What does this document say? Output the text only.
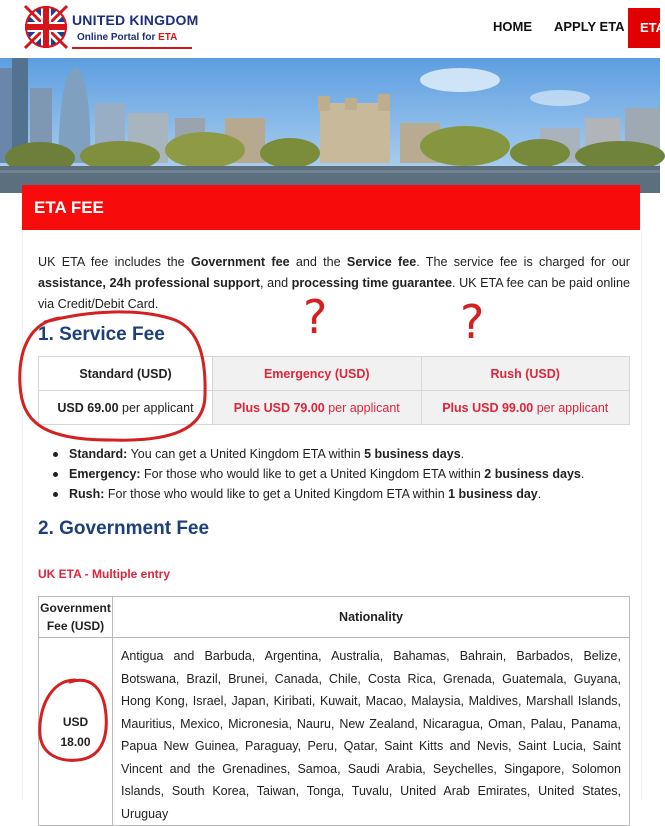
UNITED KINGDOM
Online Portal for ETA
HOME APPLY ETA	ETA
ETA FEE
UK ETA fee includes the Government fee and the Service fee. The service fee is charged for our assistance, 24h professional support, and processing time guarantee. UK ETA fee can be paid online via Credit/Debit Card.
1. Service Fee
Standard (USD)	Emergency (USD)	Rush (USD)
USD 69.00 per applicant	Plus USD 79.00 per applicant	Plus USD 99.00 per applicant
Standard: You can get a United Kingdom ETA within 5 business days.
Emergency: For those who would like to get a United Kingdom ETA within 2 business days.
Rush: For those who would like to get a United Kingdom ETA within 1 business day.
2. Government Fee
UK ETA - Multiple entry
Government
Fee (USD)	Nationality
USD
18.00	Antigua and Barbuda, Argentina, Australia, Bahamas, Bahrain, Barbados, Belize, Botswana, Brazil, Brunei, Canada, Chile, Costa Rica, Grenada, Guatemala, Guyana, Hong Kong, Israel, Japan, Kiribati, Kuwait, Macao, Malaysia, Maldives, Marshall Islands, Mauritius, Mexico, Micronesia, Nauru, New Zealand, Nicaragua, Oman, Palau, Panama, Papua New Guinea, Paraguay, Peru, Qatar, Saint Kitts and Nevis, Saint Lucia, Saint Vincent and the Grenadines, Samoa, Saudi Arabia, Seychelles, Singapore, Solomon Islands, South Korea, Taiwan, Tonga, Tuvalu, United Arab Emirates, United States, Uruguay
?	?
